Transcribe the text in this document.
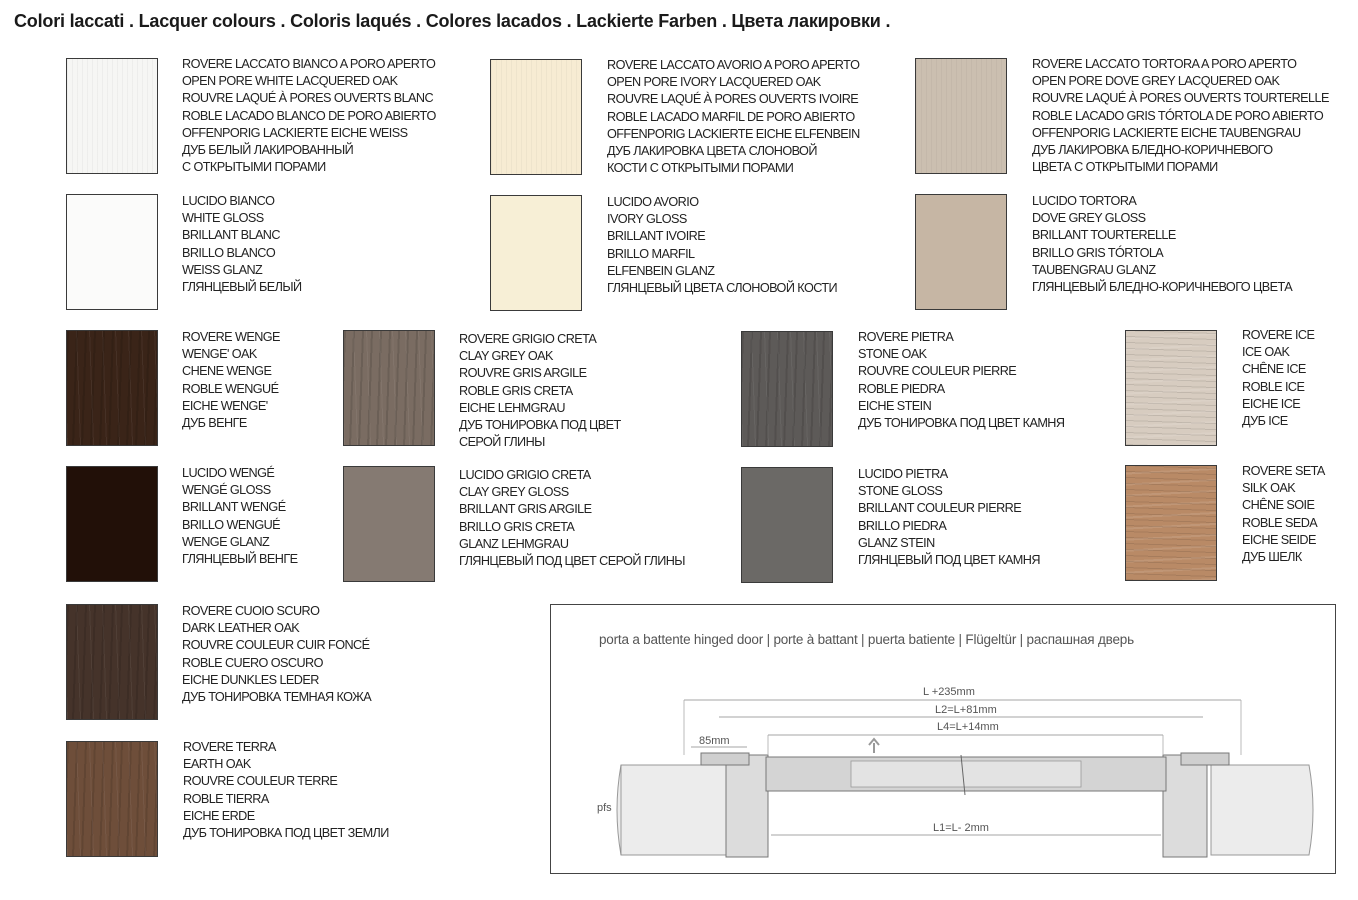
Colori laccati . Lacquer colours . Coloris laqués . Colores lacados . Lackierte Farben . Цвета лакировки .
ROVERE LACCATO BIANCO A PORO APERTO
OPEN PORE WHITE LACQUERED OAK
ROUVRE LAQUÉ À PORES OUVERTS BLANC
ROBLE LACADO BLANCO DE PORO ABIERTO
OFFENPORIG LACKIERTE EICHE WEISS
ДУБ БЕЛЫЙ ЛАКИРОВАННЫЙ
С ОТКРЫТЫМИ ПОРАМИ
ROVERE LACCATO AVORIO A PORO APERTO
OPEN PORE IVORY LACQUERED OAK
ROUVRE LAQUÉ À PORES OUVERTS IVOIRE
ROBLE LACADO MARFIL DE PORO ABIERTO
OFFENPORIG LACKIERTE EICHE ELFENBEIN
ДУБ ЛАКИРОВКА ЦВЕТА СЛОНОВОЙ
КОСТИ С ОТКРЫТЫМИ ПОРАМИ
ROVERE LACCATO TORTORA A PORO APERTO
OPEN PORE DOVE GREY LACQUERED OAK
ROUVRE LAQUÉ À PORES OUVERTS TOURTERELLE
ROBLE LACADO GRIS TÓRTOLA DE PORO ABIERTO
OFFENPORIG LACKIERTE EICHE TAUBENGRAU
ДУБ ЛАКИРОВКА БЛЕДНО-КОРИЧНЕВОГО
ЦВЕТА С ОТКРЫТЫМИ ПОРАМИ
LUCIDO BIANCO
WHITE GLOSS
BRILLANT BLANC
BRILLO BLANCO
WEISS GLANZ
ГЛЯНЦЕВЫЙ БЕЛЫЙ
LUCIDO AVORIO
IVORY GLOSS
BRILLANT IVOIRE
BRILLO MARFIL
ELFENBEIN GLANZ
ГЛЯНЦЕВЫЙ ЦВЕТА СЛОНОВОЙ КОСТИ
LUCIDO TORTORA
DOVE GREY GLOSS
BRILLANT TOURTERELLE
BRILLO GRIS TÓRTOLA
TAUBENGRAU GLANZ
ГЛЯНЦЕВЫЙ БЛЕДНО-КОРИЧНЕВОГО ЦВЕТА
ROVERE WENGE
WENGE' OAK
CHENE WENGE
ROBLE WENGUÉ
EICHE WENGE'
ДУБ ВЕНГЕ
ROVERE GRIGIO CRETA
CLAY GREY OAK
ROUVRE GRIS ARGILE
ROBLE GRIS CRETA
EICHE LEHMGRAU
ДУБ ТОНИРОВКА ПОД ЦВЕТ
СЕРОЙ ГЛИНЫ
ROVERE PIETRA
STONE OAK
ROUVRE COULEUR PIERRE
ROBLE PIEDRA
EICHE STEIN
ДУБ ТОНИРОВКА ПОД ЦВЕТ КАМНЯ
ROVERE ICE
ICE OAK
CHÊNE ICE
ROBLE ICE
EICHE ICE
ДУБ ICE
LUCIDO WENGÉ
WENGÉ GLOSS
BRILLANT WENGÉ
BRILLO WENGUÉ
WENGE GLANZ
ГЛЯНЦЕВЫЙ ВЕНГЕ
LUCIDO GRIGIO CRETA
CLAY GREY GLOSS
BRILLANT GRIS ARGILE
BRILLO GRIS CRETA
GLANZ LEHMGRAU
ГЛЯНЦЕВЫЙ ПОД ЦВЕТ СЕРОЙ ГЛИНЫ
LUCIDO PIETRA
STONE GLOSS
BRILLANT COULEUR PIERRE
BRILLO PIEDRA
GLANZ STEIN
ГЛЯНЦЕВЫЙ ПОД ЦВЕТ КАМНЯ
ROVERE SETA
SILK OAK
CHÊNE SOIE
ROBLE SEDA
EICHE SEIDE
ДУБ ШЕЛК
ROVERE CUOIO SCURO
DARK LEATHER OAK
ROUVRE COULEUR CUIR FONCÉ
ROBLE CUERO OSCURO
EICHE DUNKLES LEDER
ДУБ ТОНИРОВКА ТЕМНАЯ КОЖА
ROVERE TERRA
EARTH OAK
ROUVRE COULEUR TERRE
ROBLE TIERRA
EICHE ERDE
ДУБ ТОНИРОВКА ПОД ЦВЕТ ЗЕМЛИ
porta a battente hinged door | porte à battant | puerta batiente | Flügeltür | распашная дверь
L +235mm
L2=L+81mm
L4=L+14mm
85mm
L1=L- 2mm
pfs
